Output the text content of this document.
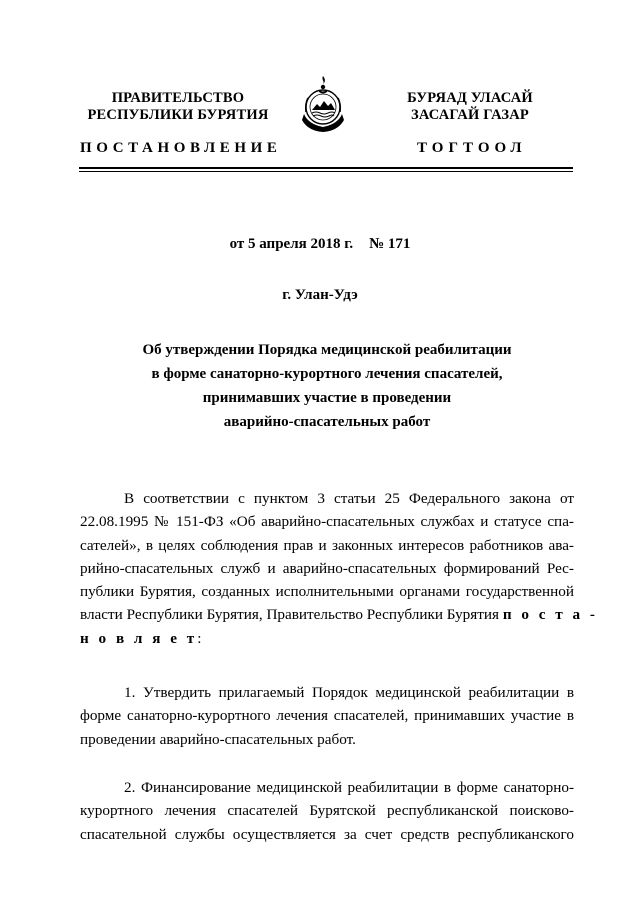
ПРАВИТЕЛЬСТВО
РЕСПУБЛИКИ БУРЯТИЯ
БУРЯАД УЛАСАЙ
ЗАСАГАЙ ГАЗАР
ПОСТАНОВЛЕНИЕ	ТОГТООЛ
от 5 апреля 2018 г. № 171
г. Улан-Удэ
Об утверждении Порядка медицинской реабилитации
в форме санаторно-курортного лечения спасателей,
принимавших участие в проведении
аварийно-спасательных работ
В соответствии с пунктом 3 статьи 25 Федерального закона от
22.08.1995 № 151-ФЗ «Об аварийно-спасательных службах и статусе спа-
сателей», в целях соблюдения прав и законных интересов работников ава-
рийно-спасательных служб и аварийно-спасательных формирований Рес-
публики Бурятия, созданных исполнительными органами государственной
власти Республики Бурятия, Правительство Республики Бурятия п о с т а -
н о в л я е т:
1. Утвердить прилагаемый Порядок медицинской реабилитации в
форме санаторно-курортного лечения спасателей, принимавших участие в
проведении аварийно-спасательных работ.
2. Финансирование медицинской реабилитации в форме санаторно-
курортного лечения спасателей Бурятской республиканской поисково-
спасательной службы осуществляется за счет средств республиканского
